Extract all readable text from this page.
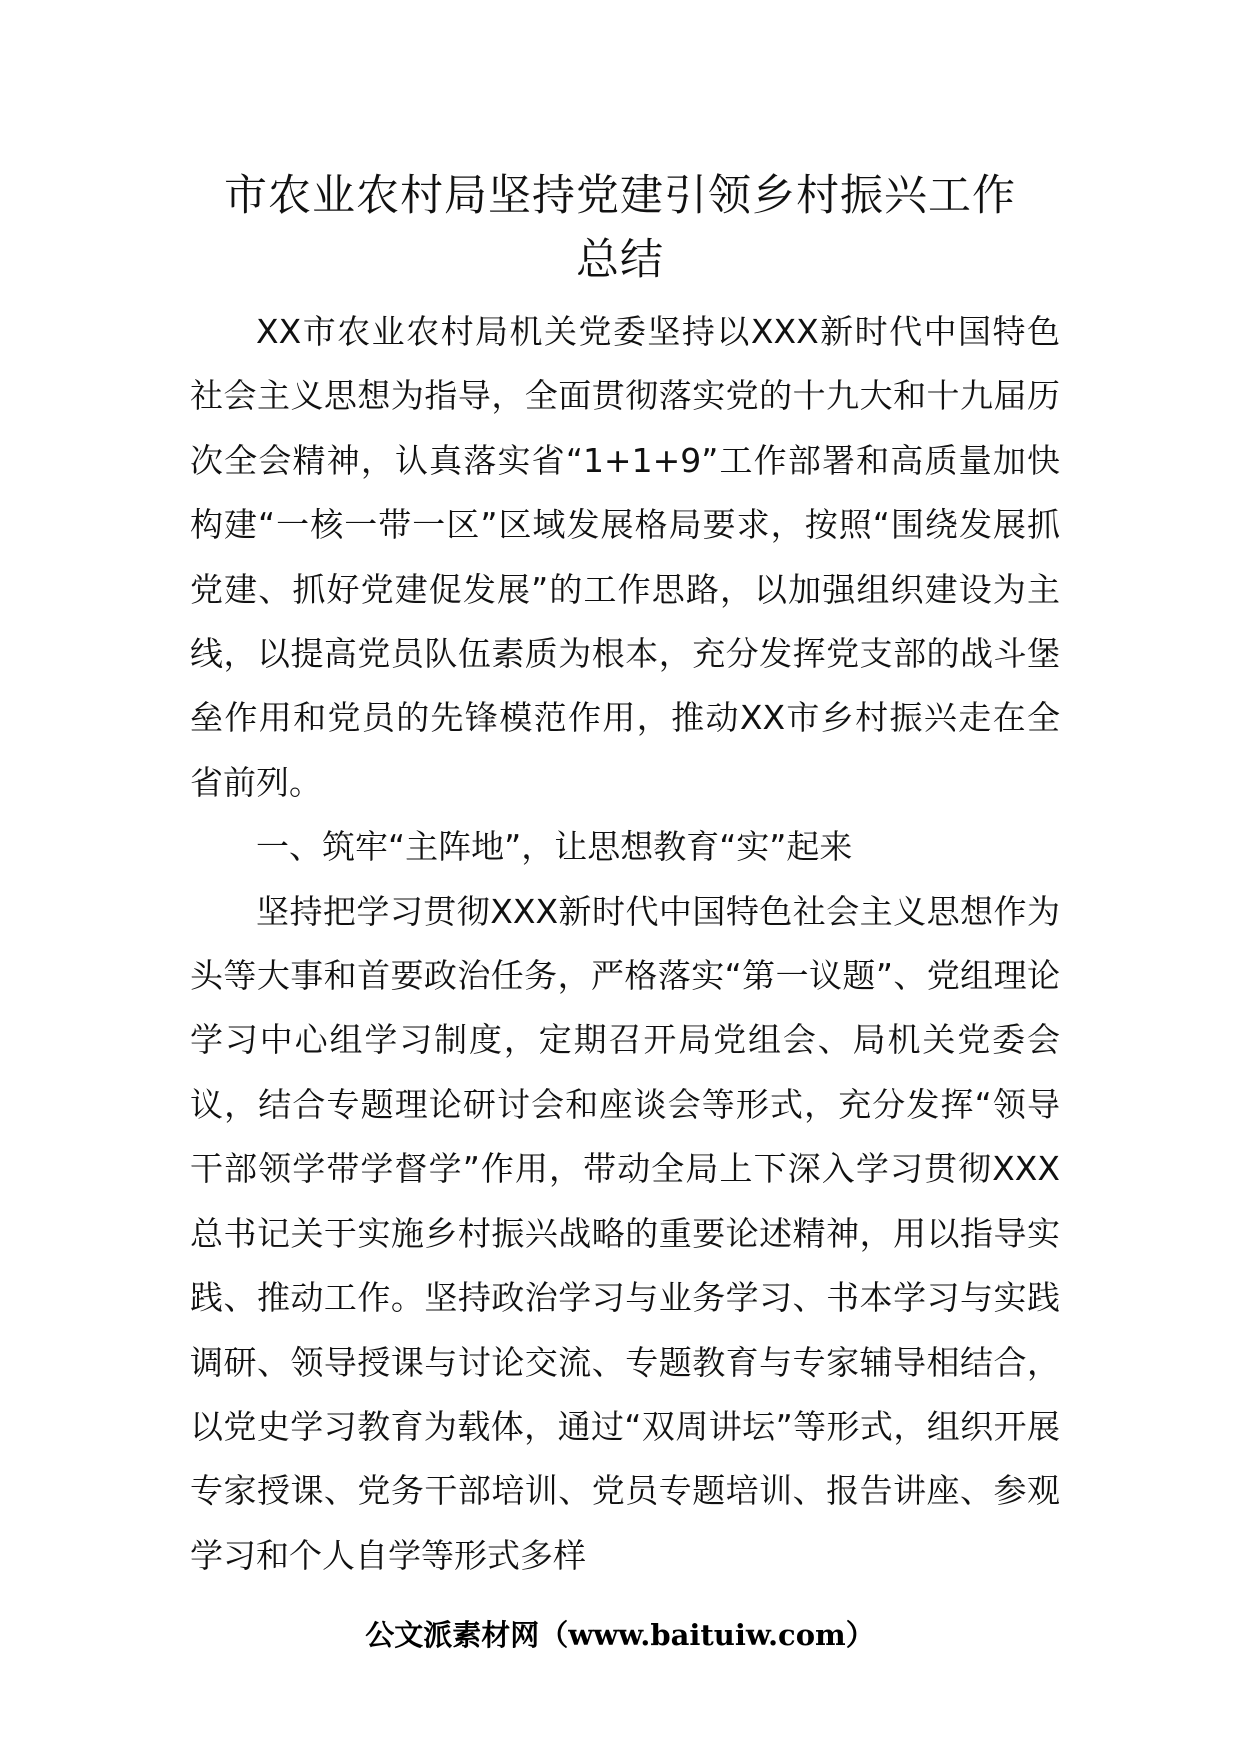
市农业农村局坚持党建引领乡村振兴工作
总结

XX市农业农村局机关党委坚持以XXX新时代中国特色社会主义思想为指导，全面贯彻落实党的十九大和十九届历次全会精神，认真落实省“1+1+9”工作部署和高质量加快构建“一核一带一区”区域发展格局要求，按照“围绕发展抓党建、抓好党建促发展”的工作思路，以加强组织建设为主线，以提高党员队伍素质为根本，充分发挥党支部的战斗堡垒作用和党员的先锋模范作用，推动XX市乡村振兴走在全省前列。

一、筑牢“主阵地”，让思想教育“实”起来

坚持把学习贯彻XXX新时代中国特色社会主义思想作为头等大事和首要政治任务，严格落实“第一议题”、党组理论学习中心组学习制度，定期召开局党组会、局机关党委会议，结合专题理论研讨会和座谈会等形式，充分发挥“领导干部领学带学督学”作用，带动全局上下深入学习贯彻XXX总书记关于实施乡村振兴战略的重要论述精神，用以指导实践、推动工作。坚持政治学习与业务学习、书本学习与实践调研、领导授课与讨论交流、专题教育与专家辅导相结合，以党史学习教育为载体，通过“双周讲坛”等形式，组织开展专家授课、党务干部培训、党员专题培训、报告讲座、参观学习和个人自学等形式多样

公文派素材网（www.baituiw.com）
